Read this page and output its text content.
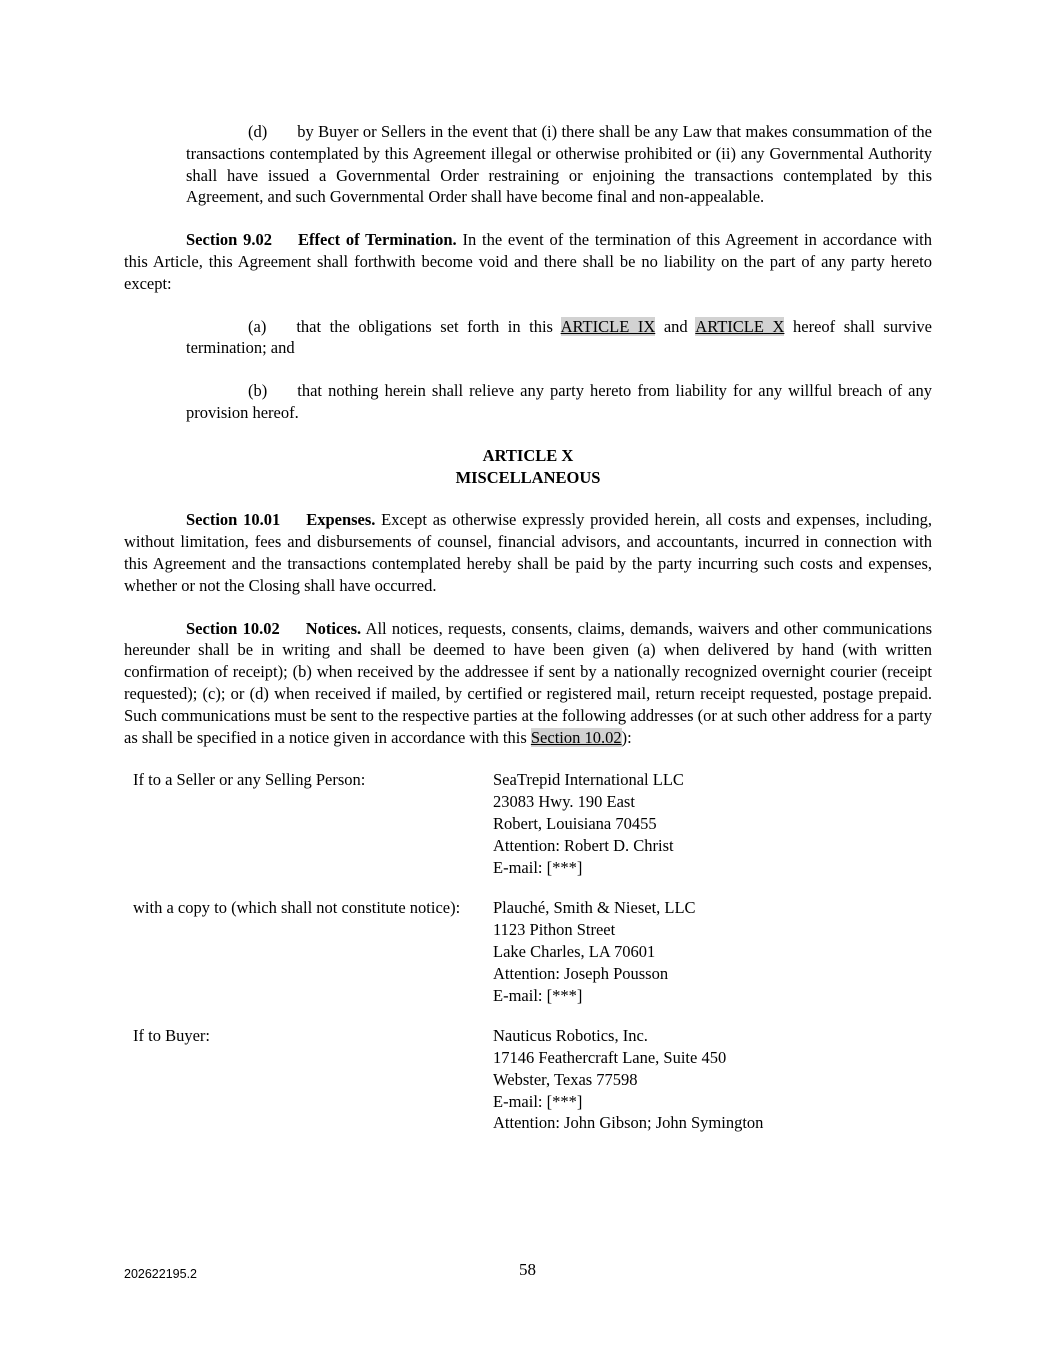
(d) by Buyer or Sellers in the event that (i) there shall be any Law that makes consummation of the transactions contemplated by this Agreement illegal or otherwise prohibited or (ii) any Governmental Authority shall have issued a Governmental Order restraining or enjoining the transactions contemplated by this Agreement, and such Governmental Order shall have become final and non-appealable.

Section 9.02 Effect of Termination. In the event of the termination of this Agreement in accordance with this Article, this Agreement shall forthwith become void and there shall be no liability on the part of any party hereto except:

(a) that the obligations set forth in this ARTICLE IX and ARTICLE X hereof shall survive termination; and

(b) that nothing herein shall relieve any party hereto from liability for any willful breach of any provision hereof.

ARTICLE X
MISCELLANEOUS

Section 10.01 Expenses. Except as otherwise expressly provided herein, all costs and expenses, including, without limitation, fees and disbursements of counsel, financial advisors, and accountants, incurred in connection with this Agreement and the transactions contemplated hereby shall be paid by the party incurring such costs and expenses, whether or not the Closing shall have occurred.

Section 10.02 Notices. All notices, requests, consents, claims, demands, waivers and other communications hereunder shall be in writing and shall be deemed to have been given (a) when delivered by hand (with written confirmation of receipt); (b) when received by the addressee if sent by a nationally recognized overnight courier (receipt requested); (c); or (d) when received if mailed, by certified or registered mail, return receipt requested, postage prepaid. Such communications must be sent to the respective parties at the following addresses (or at such other address for a party as shall be specified in a notice given in accordance with this Section 10.02):

If to a Seller or any Selling Person:	SeaTrepid International LLC
23083 Hwy. 190 East
Robert, Louisiana 70455
Attention: Robert D. Christ
E-mail: [***]
with a copy to (which shall not constitute notice):	Plauché, Smith & Nieset, LLC
1123 Pithon Street
Lake Charles, LA 70601
Attention: Joseph Pousson
E-mail: [***]
If to Buyer:	Nauticus Robotics, Inc.
17146 Feathercraft Lane, Suite 450
Webster, Texas 77598
E-mail: [***]
Attention: John Gibson; John Symington
202622195.2	58
